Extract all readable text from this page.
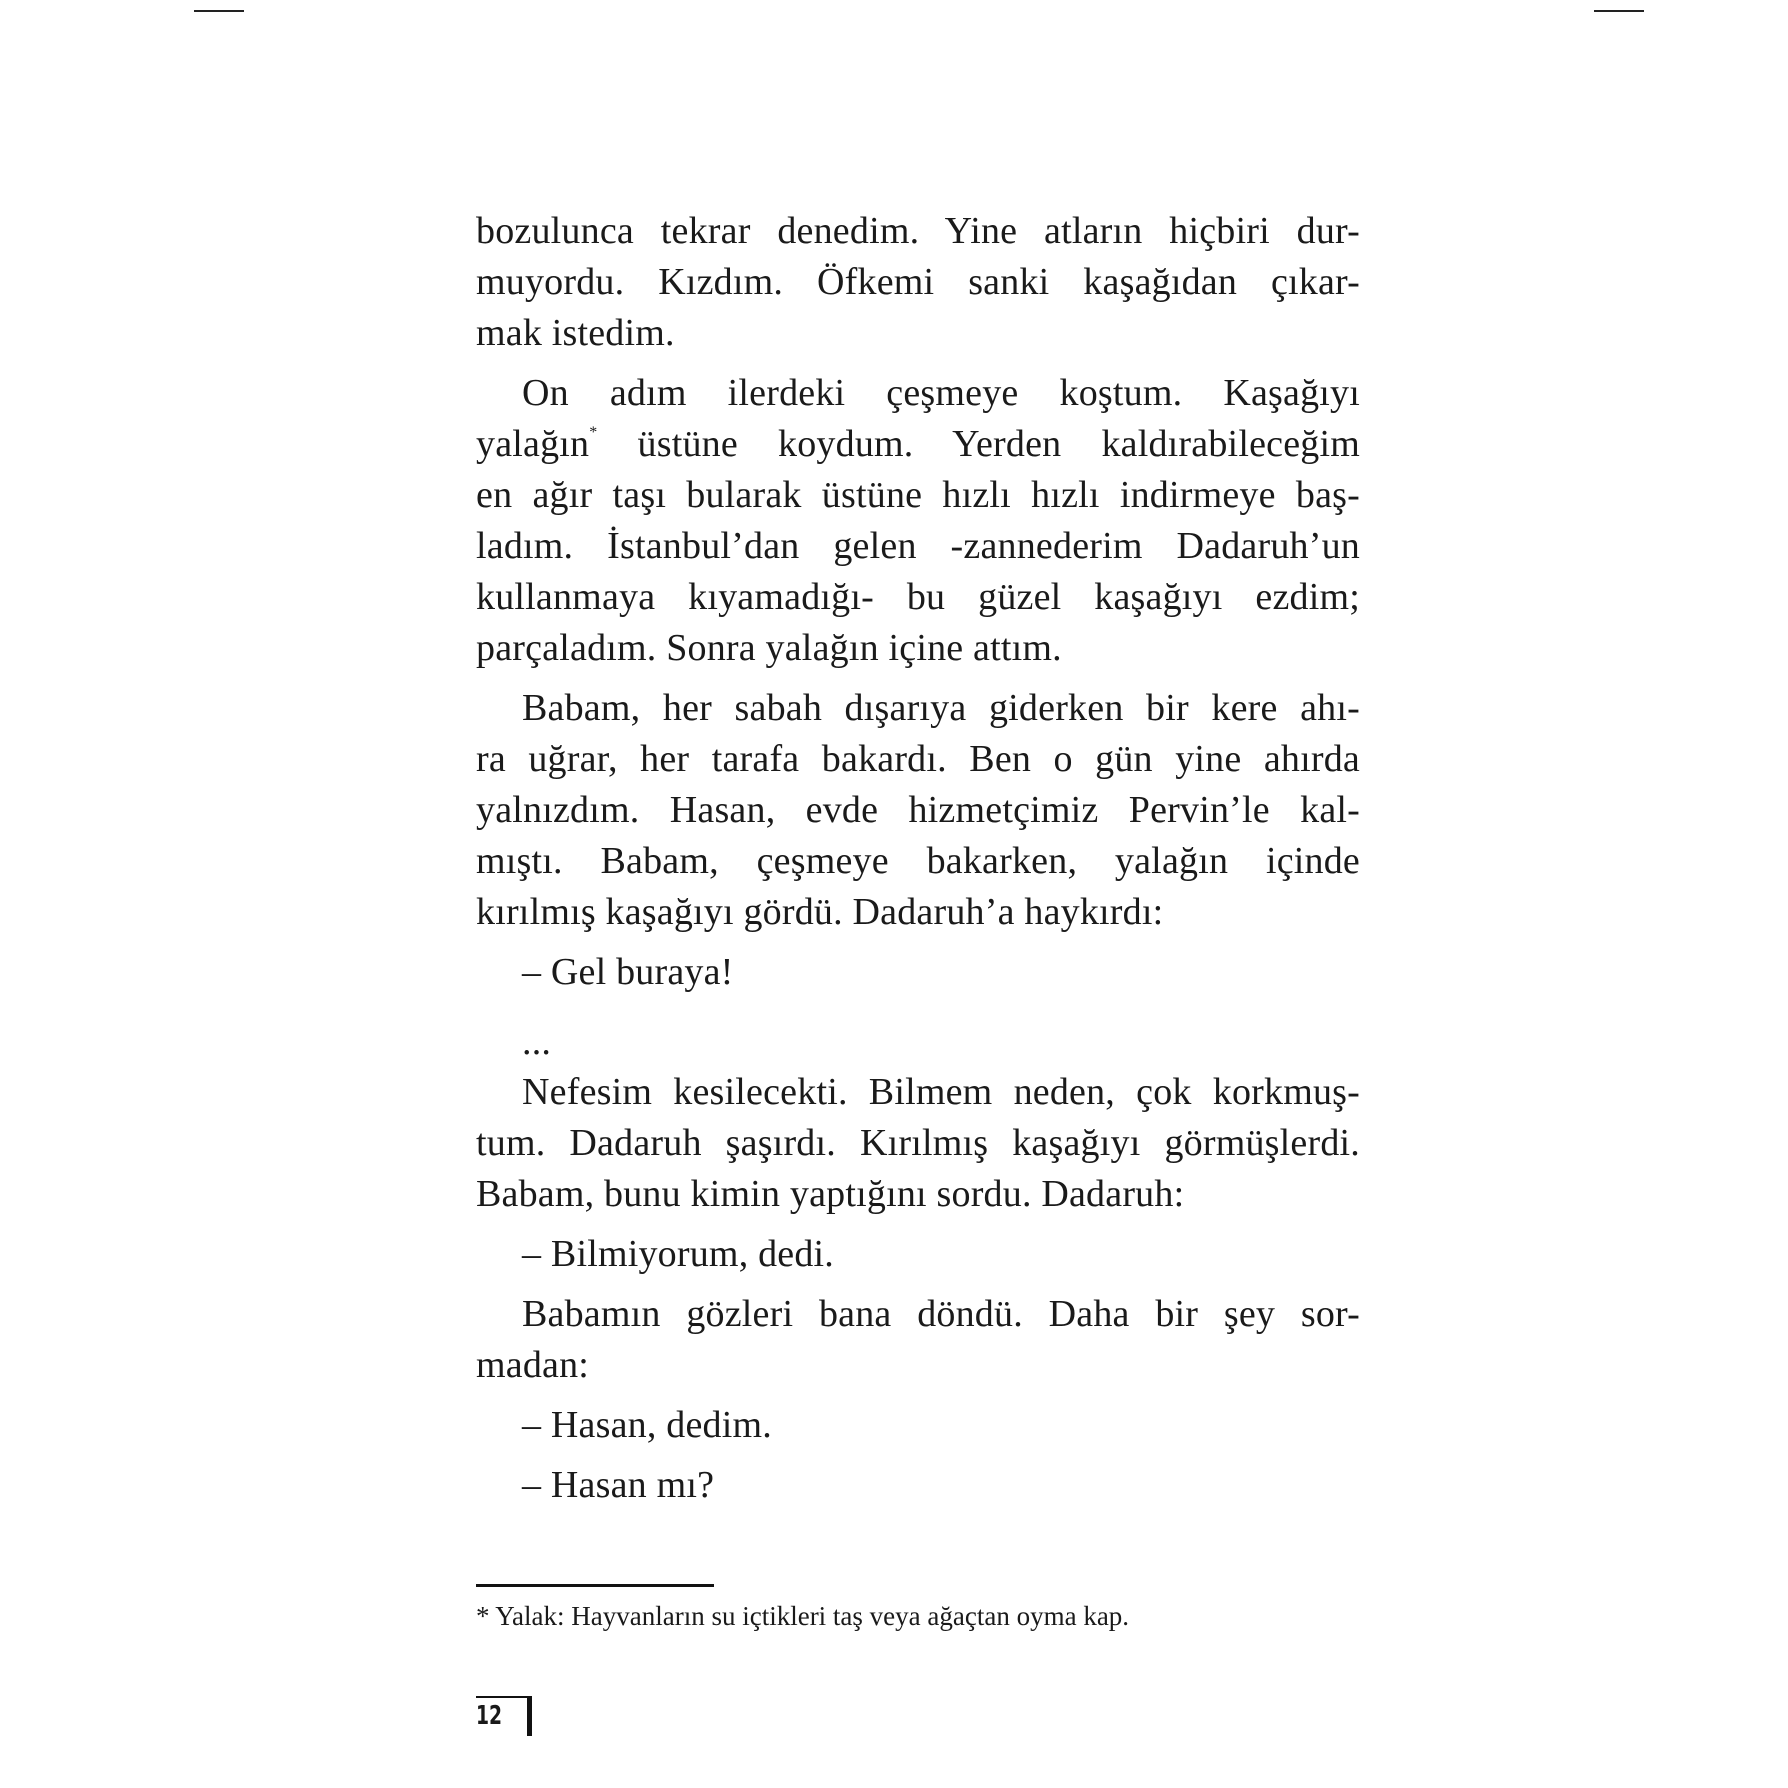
bozulunca tekrar denedim. Yine atların hiçbiri dur-
muyordu. Kızdım. Öfkemi sanki kaşağıdan çıkar-
mak istedim.

On adım ilerdeki çeşmeye koştum. Kaşağıyı
yalağın* üstüne koydum. Yerden kaldırabileceğim
en ağır taşı bularak üstüne hızlı hızlı indirmeye baş-
ladım. İstanbul’dan gelen -zannederim Dadaruh’un
kullanmaya kıyamadığı- bu güzel kaşağıyı ezdim;
parçaladım. Sonra yalağın içine attım.

Babam, her sabah dışarıya giderken bir kere ahı-
ra uğrar, her tarafa bakardı. Ben o gün yine ahırda
yalnızdım. Hasan, evde hizmetçimiz Pervin’le kal-
mıştı. Babam, çeşmeye bakarken, yalağın içinde
kırılmış kaşağıyı gördü. Dadaruh’a haykırdı:

– Gel buraya!

...

Nefesim kesilecekti. Bilmem neden, çok korkmuş-
tum. Dadaruh şaşırdı. Kırılmış kaşağıyı görmüşlerdi.
Babam, bunu kimin yaptığını sordu. Dadaruh:

– Bilmiyorum, dedi.

Babamın gözleri bana döndü. Daha bir şey sor-
madan:

– Hasan, dedim.

– Hasan mı?

* Yalak: Hayvanların su içtikleri taş veya ağaçtan oyma kap.
12
